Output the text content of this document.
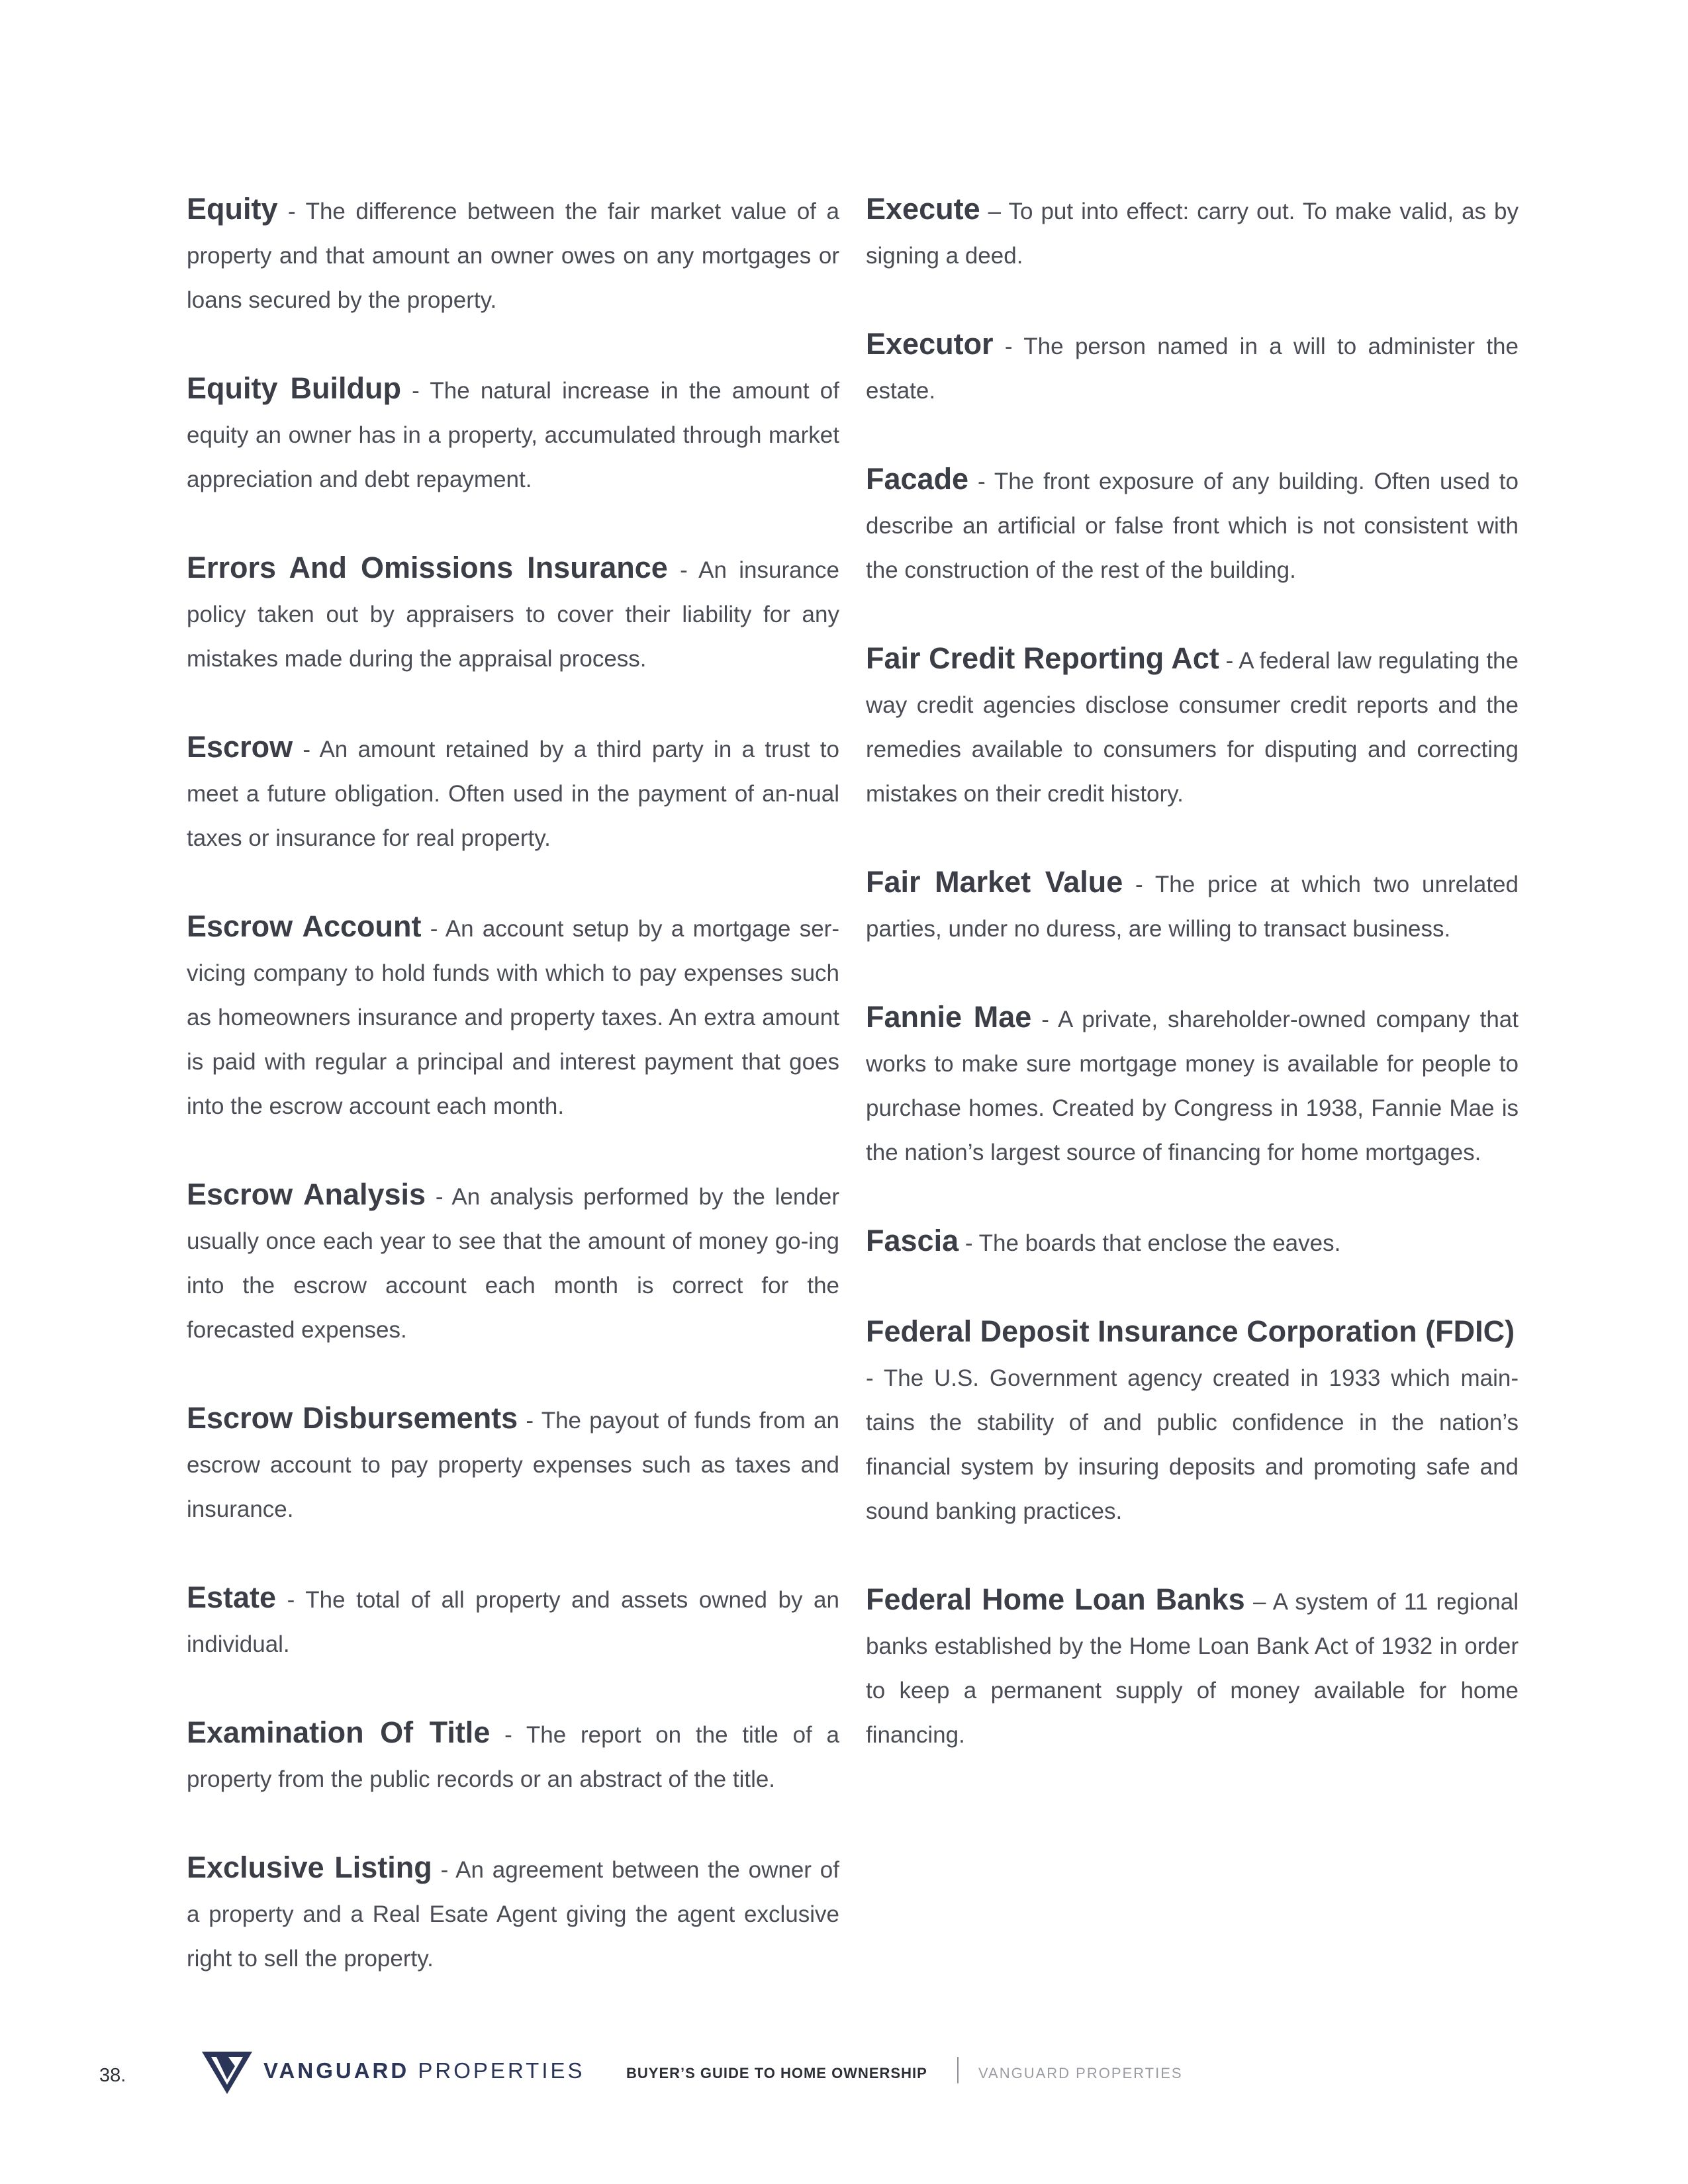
Equity - The difference between the fair market value of a property and that amount an owner owes on any mortgages or loans secured by the property.

Equity Buildup - The natural increase in the amount of equity an owner has in a property, accumulated through market appreciation and debt repayment.

Errors And Omissions Insurance - An insurance policy taken out by appraisers to cover their liability for any mistakes made during the appraisal process.

Escrow - An amount retained by a third party in a trust to meet a future obligation. Often used in the payment of an-nual taxes or insurance for real property.

Escrow Account - An account setup by a mortgage ser-vicing company to hold funds with which to pay expenses such as homeowners insurance and property taxes. An extra amount is paid with regular a principal and interest payment that goes into the escrow account each month.

Escrow Analysis - An analysis performed by the lender usually once each year to see that the amount of money go-ing into the escrow account each month is correct for the forecasted expenses.

Escrow Disbursements - The payout of funds from an escrow account to pay property expenses such as taxes and insurance.

Estate - The total of all property and assets owned by an individual.

Examination Of Title - The report on the title of a property from the public records or an abstract of the title.

Exclusive Listing - An agreement between the owner of a property and a Real Esate Agent giving the agent exclusive right to sell the property.

Execute – To put into effect: carry out. To make valid, as by signing a deed.

Executor - The person named in a will to administer the estate.

Facade - The front exposure of any building. Often used to describe an artificial or false front which is not consistent with the construction of the rest of the building.

Fair Credit Reporting Act - A federal law regulating the way credit agencies disclose consumer credit reports and the remedies available to consumers for disputing and correcting mistakes on their credit history.

Fair Market Value - The price at which two unrelated parties, under no duress, are willing to transact business.

Fannie Mae - A private, shareholder-owned company that works to make sure mortgage money is available for people to purchase homes. Created by Congress in 1938, Fannie Mae is the nation’s largest source of financing for home mortgages.

Fascia - The boards that enclose the eaves.

Federal Deposit Insurance Corporation (FDIC)
- The U.S. Government agency created in 1933 which main-tains the stability of and public confidence in the nation’s financial system by insuring deposits and promoting safe and sound banking practices.

Federal Home Loan Banks – A system of 11 regional banks established by the Home Loan Bank Act of 1932 in order to keep a permanent supply of money available for home financing.

38.	VANGUARD PROPERTIES	BUYER’S GUIDE TO HOME OWNERSHIP	VANGUARD PROPERTIES
